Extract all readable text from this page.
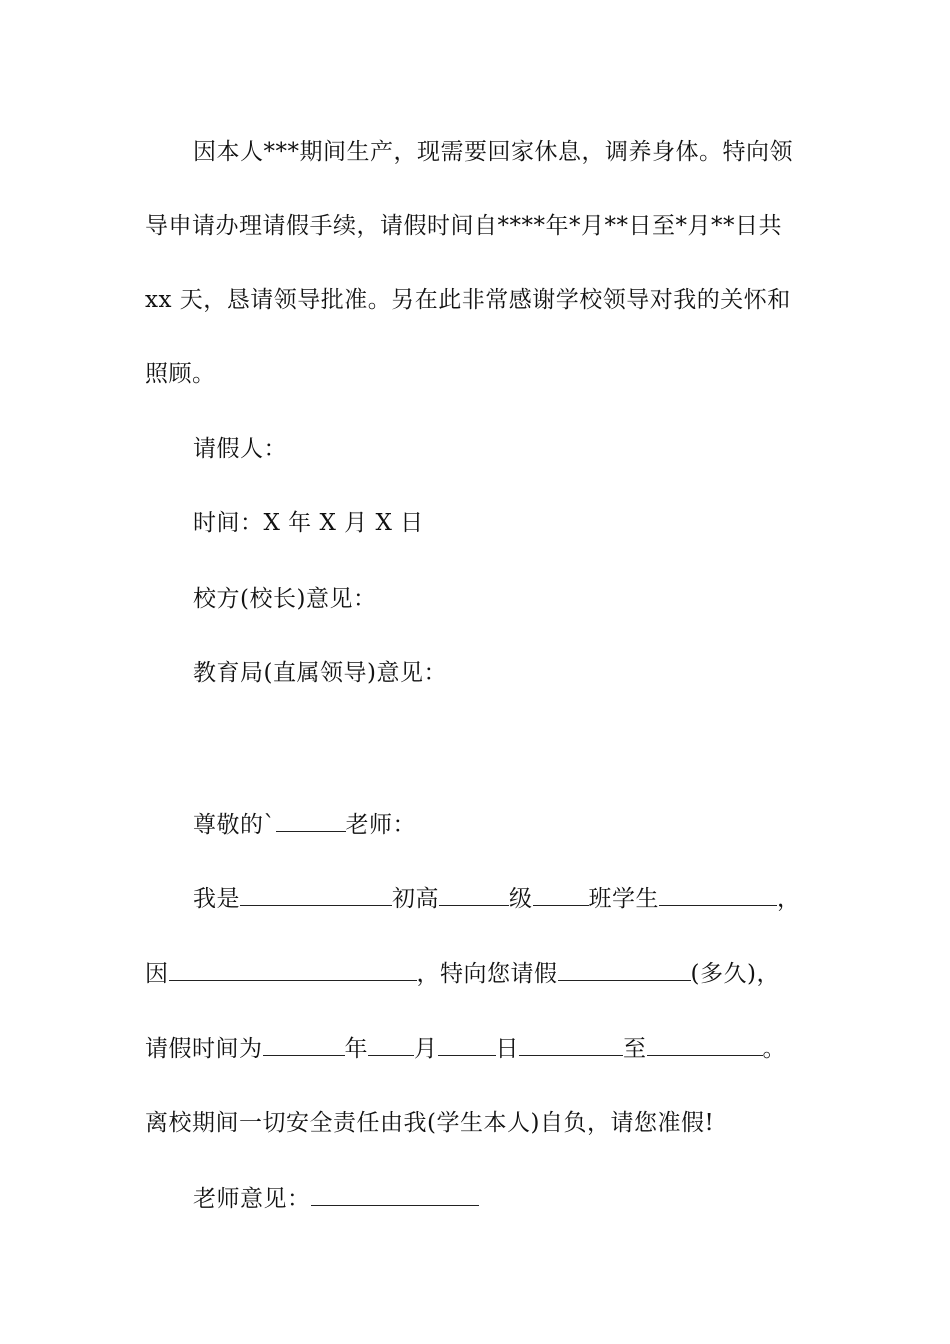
因本人***期间生产，现需要回家休息，调养身体。特向领
导申请办理请假手续，请假时间自****年*月**日至*月**日共
xx 天，恳请领导批准。另在此非常感谢学校领导对我的关怀和
照顾。
请假人：
时间：X 年 X 月 X 日
校方(校长)意见：
教育局(直属领导)意见：
尊敬的`	老师：
我是	初高	级 班学生	，
因	，特向您请假	(多久)，
请假时间为	年 月	日	至	。
离校期间一切安全责任由我(学生本人)自负，请您准假!
老师意见：
